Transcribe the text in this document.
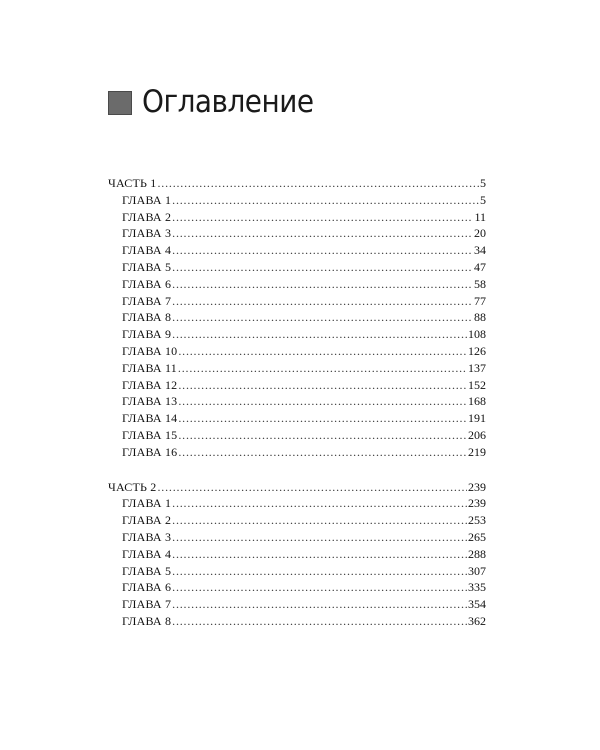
Оглавление
ЧАСТЬ 1 . . .	5
ГЛАВА 1 . . .	5
ГЛАВА 2 . . .	11
ГЛАВА 3 . . .	20
ГЛАВА 4 . . .	34
ГЛАВА 5 . . .	47
ГЛАВА 6 . . .	58
ГЛАВА 7 . . .	77
ГЛАВА 8 . . .	88
ГЛАВА 9 . . .	108
ГЛАВА 10 . . .	126
ГЛАВА 11 . . .	137
ГЛАВА 12 . . .	152
ГЛАВА 13 . . .	168
ГЛАВА 14 . . .	191
ГЛАВА 15 . . .	206
ГЛАВА 16 . . .	219
ЧАСТЬ 2 . . .	239
ГЛАВА 1 . . .	239
ГЛАВА 2 . . .	253
ГЛАВА 3 . . .	265
ГЛАВА 4 . . .	288
ГЛАВА 5 . . .	307
ГЛАВА 6 . . .	335
ГЛАВА 7 . . .	354
ГЛАВА 8 . . .	362
